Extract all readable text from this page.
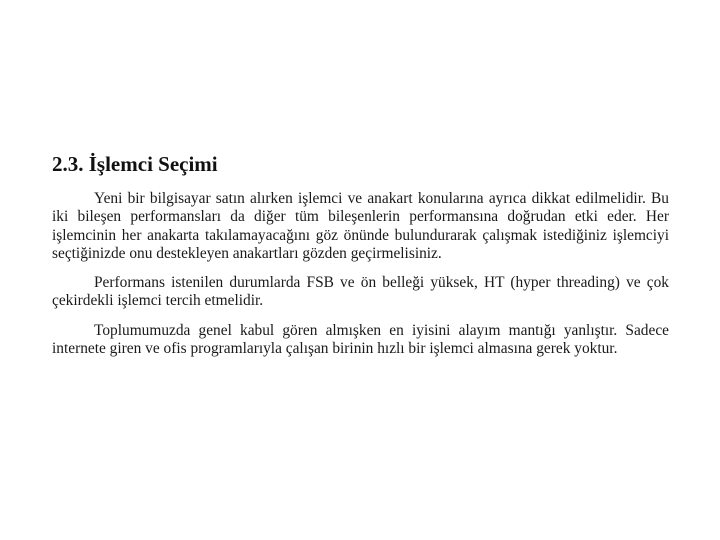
2.3. İşlemci Seçimi

Yeni bir bilgisayar satın alırken işlemci ve anakart konularına ayrıca dikkat edilmelidir. Bu iki bileşen performansları da diğer tüm bileşenlerin performansına doğrudan etki eder. Her işlemcinin her anakarta takılamayacağını göz önünde bulundurarak çalışmak istediğiniz işlemciyi seçtiğinizde onu destekleyen anakartları gözden geçirmelisiniz.

Performans istenilen durumlarda FSB ve ön belleği yüksek, HT (hyper threading) ve çok çekirdekli işlemci tercih etmelidir.

Toplumumuzda genel kabul gören almışken en iyisini alayım mantığı yanlıştır. Sadece internete giren ve ofis programlarıyla çalışan birinin hızlı bir işlemci almasına gerek yoktur.
